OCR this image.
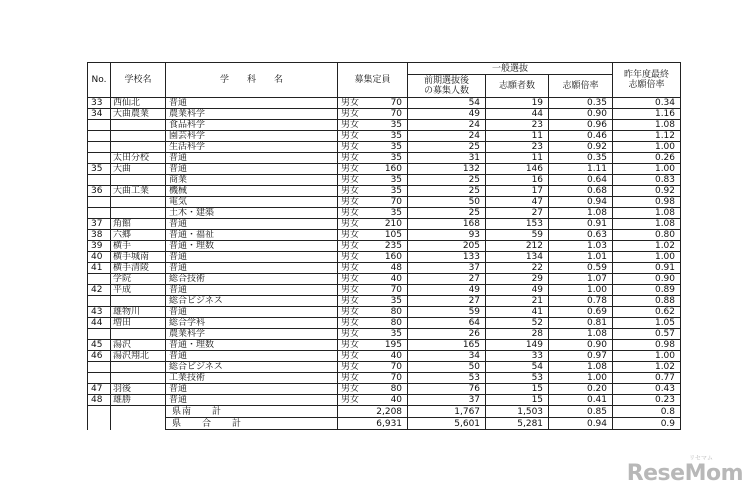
No.	学校名	学　　科　　名	募集定員		一般選抜			昨年度最終
志願倍率
					前期選抜後
の募集人数	志願者数	志願倍率	
33	西仙北	普通	男女	70	54	19	0.35	0.34
34	大曲農業	農業科学	男女	70	49	44	0.90	1.16
		食品科学	男女	35	24	23	0.96	1.08
		園芸科学	男女	35	24	11	0.46	1.12
		生活科学	男女	35	25	23	0.92	1.00
	太田分校	普通	男女	35	31	11	0.35	0.26
35	大曲	普通	男女	160	132	146	1.11	1.00
		商業	男女	35	25	16	0.64	0.83
36	大曲工業	機械	男女	35	25	17	0.68	0.92
		電気	男女	70	50	47	0.94	0.98
		土木・建築	男女	35	25	27	1.08	1.08
37	角館	普通	男女	210	168	153	0.91	1.08
38	六郷	普通・福祉	男女	105	93	59	0.63	0.80
39	横手	普通・理数	男女	235	205	212	1.03	1.02
40	横手城南	普通	男女	160	133	134	1.01	1.00
41	横手清陵	普通	男女	48	37	22	0.59	0.91
	学院	総合技術	男女	40	27	29	1.07	0.90
42	平成	普通	男女	70	49	49	1.00	0.89
		総合ビジネス	男女	35	27	21	0.78	0.88
43	雄物川	普通	男女	80	59	41	0.69	0.62
44	増田	総合学科	男女	80	64	52	0.81	1.05
		農業科学	男女	35	26	28	1.08	0.57
45	湯沢	普通・理数	男女	195	165	149	0.90	0.98
46	湯沢翔北	普通	男女	40	34	33	0.97	1.00
		総合ビジネス	男女	70	50	54	1.08	1.02
		工業技術	男女	70	53	53	1.00	0.77
47	羽後	普通	男女	80	76	15	0.20	0.43
48	雄勝	普通	男女	40	37	15	0.41	0.23
		県南　　計	2,208		1,767	1,503	0.85	0.8
		県　　合　　計	6,931		5,601	5,281	0.94	0.9
リセマム
ReseMom
